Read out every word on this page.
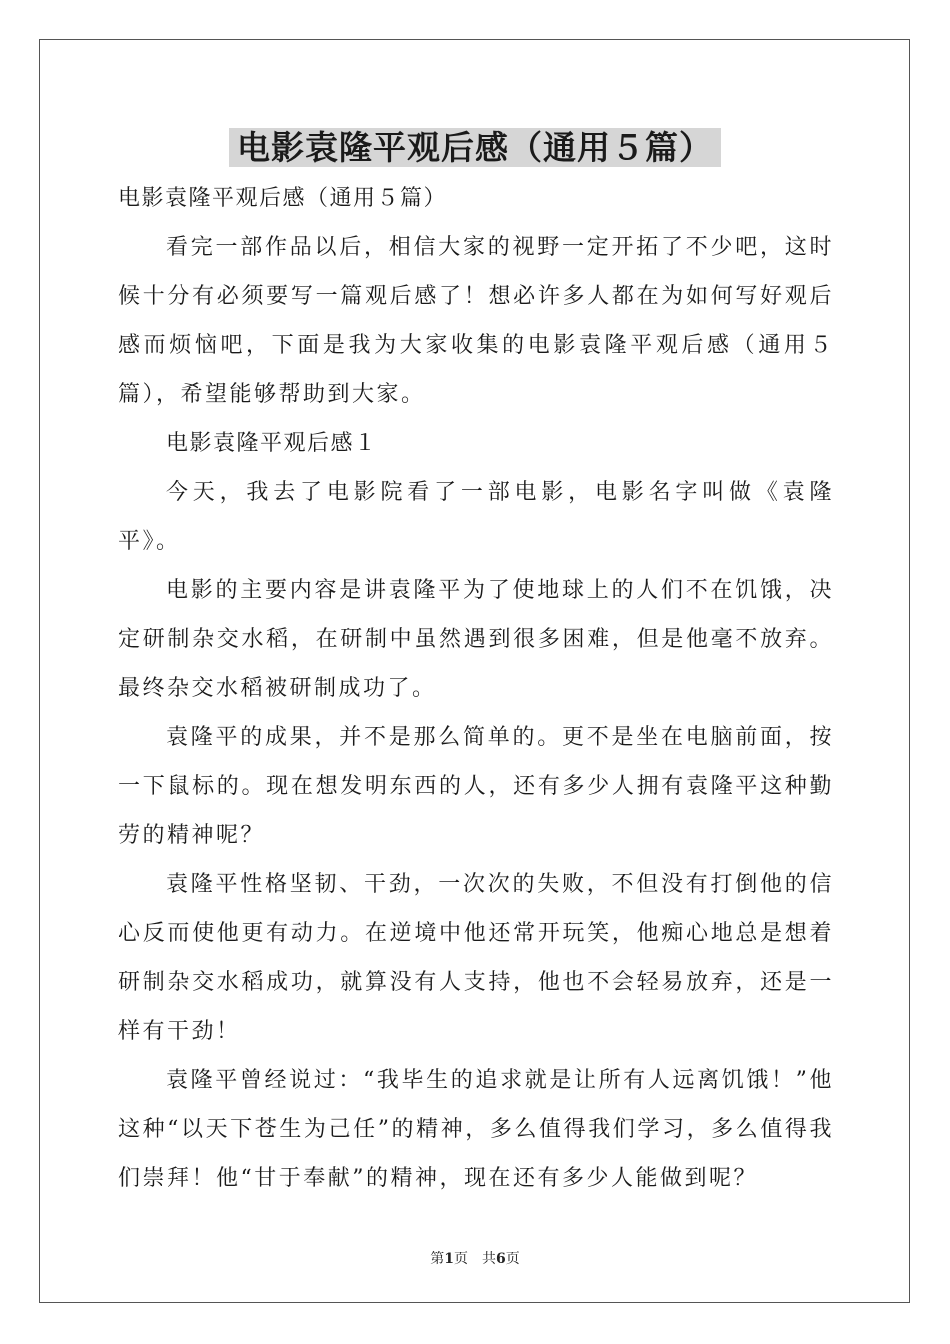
电影袁隆平观后感（通用５篇）

电影袁隆平观后感（通用５篇）

看完一部作品以后，相信大家的视野一定开拓了不少吧，这时候十分有必须要写一篇观后感了！想必许多人都在为如何写好观后感而烦恼吧，下面是我为大家收集的电影袁隆平观后感（通用５篇），希望能够帮助到大家。

电影袁隆平观后感１

今天，我去了电影院看了一部电影，电影名字叫做《袁隆平》。

电影的主要内容是讲袁隆平为了使地球上的人们不在饥饿，决定研制杂交水稻，在研制中虽然遇到很多困难，但是他毫不放弃。最终杂交水稻被研制成功了。

袁隆平的成果，并不是那么简单的。更不是坐在电脑前面，按一下鼠标的。现在想发明东西的人，还有多少人拥有袁隆平这种勤劳的精神呢？

袁隆平性格坚韧、干劲，一次次的失败，不但没有打倒他的信心反而使他更有动力。在逆境中他还常开玩笑，他痴心地总是想着研制杂交水稻成功，就算没有人支持，他也不会轻易放弃，还是一样有干劲！

袁隆平曾经说过：“我毕生的追求就是让所有人远离饥饿！”他这种“以天下苍生为己任”的精神，多么值得我们学习，多么值得我们崇拜！他“甘于奉献”的精神，现在还有多少人能做到呢？

第1页 共6页
